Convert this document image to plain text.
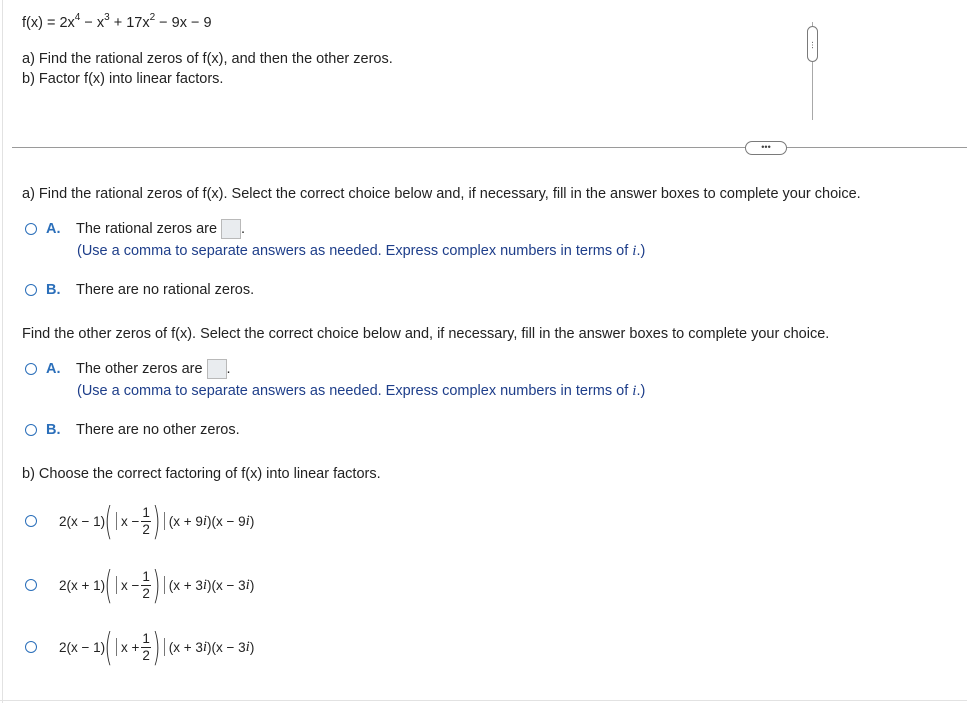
$f(x) = 2x^4 - x^3 + 17x^2 - 9x - 9$
a) Find the rational zeros of f(x), and then the other zeros.
b) Factor f(x) into linear factors.
⋯
•••
a) Find the rational zeros of f(x). Select the correct choice below and, if necessary, fill in the answer boxes to complete your choice.
A.	The rational zeros are .
(Use a comma to separate answers as needed. Express complex numbers in terms of i.)
B.	There are no rational zeros.
Find the other zeros of f(x). Select the correct choice below and, if necessary, fill in the answer boxes to complete your choice.
A.	The other zeros are .
(Use a comma to separate answers as needed. Express complex numbers in terms of i.)
B.	There are no other zeros.
b) Choose the correct factoring of f(x) into linear factors.
2(x − 1) ( $x - \frac{1}{2}$ ) (x + 9 i )(x − 9 i )
2(x + 1) ( $x - \frac{1}{2}$ ) (x + 3 i )(x − 3 i )
2(x − 1) ( $x + \frac{1}{2}$ ) (x + 3 i )(x − 3 i )
